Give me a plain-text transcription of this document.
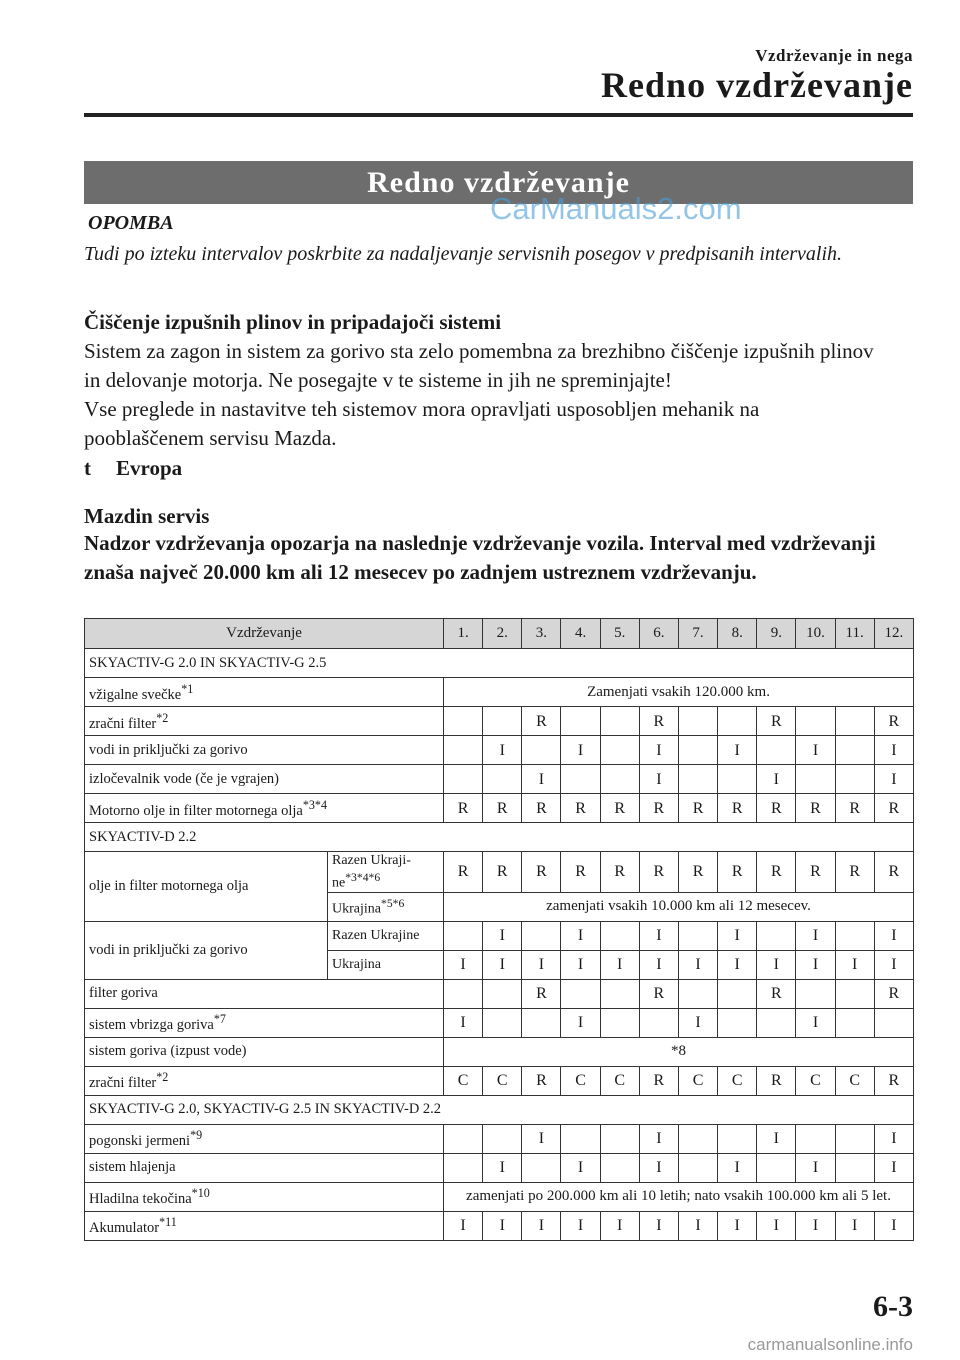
Vzdrževanje in nega
Redno vzdrževanje
Redno vzdrževanje
CarManuals2.com
OPOMBA
Tudi po izteku intervalov poskrbite za nadaljevanje servisnih posegov v predpisanih intervalih.
Čiščenje izpušnih plinov in pripadajoči sistemi
Sistem za zagon in sistem za gorivo sta zelo pomembna za brezhibno čiščenje izpušnih plinov in delovanje motorja. Ne posegajte v te sisteme in jih ne spreminjajte!
Vse preglede in nastavitve teh sistemov mora opravljati usposobljen mehanik na pooblaščenem servisu Mazda.
t Evropa
Mazdin servis
Nadzor vzdrževanja opozarja na naslednje vzdrževanje vozila. Interval med vzdrževanji znaša največ 20.000 km ali 12 mesecev po zadnjem ustreznem vzdrževanju.
Vzdrževanje		1.	2.	3.	4.	5.	6.	7.	8.	9.	10.	11.	12.
SKYACTIV-G 2.0 IN SKYACTIV-G 2.5													
vžigalne svečke$^{*1}$		Zamenjati vsakih 120.000 km.											
zračni filter$^{*2}$				R			R			R			R
vodi in priključki za gorivo			I		I		I		I		I		I
izločevalnik vode (če je vgrajen)				I			I			I			I
Motorno olje in filter motornega olja$^{*3*4}$		R	R	R	R	R	R	R	R	R	R	R	R
SKYACTIV-D 2.2													
olje in filter motornega olja	Razen Ukraji-$ne^{*3*4*6}$	R	R	R	R	R	R	R	R	R	R	R	R
	Ukrajina$^{*5*6}$	zamenjati vsakih 10.000 km ali 12 mesecev.											
vodi in priključki za gorivo	Razen Ukrajine		I		I		I		I		I		I
	Ukrajina	I	I	I	I	I	I	I	I	I	I	I	I
filter goriva				R			R			R			R
sistem vbrizga goriva$^{*7}$		I			I			I			I		
sistem goriva (izpust vode)		*8											
zračni filter$^{*2}$		C	C	R	C	C	R	C	C	R	C	C	R
SKYACTIV-G 2.0, SKYACTIV-G 2.5 IN SKYACTIV-D 2.2													
pogonski jermeni$^{*9}$				I			I			I			I
sistem hlajenja			I		I		I		I		I		I
Hladilna tekočina$^{*10}$		zamenjati po 200.000 km ali 10 letih; nato vsakih 100.000 km ali 5 let.											
Akumulator$^{*11}$		I	I	I	I	I	I	I	I	I	I	I	I
6-3
carmanualsonline.info
